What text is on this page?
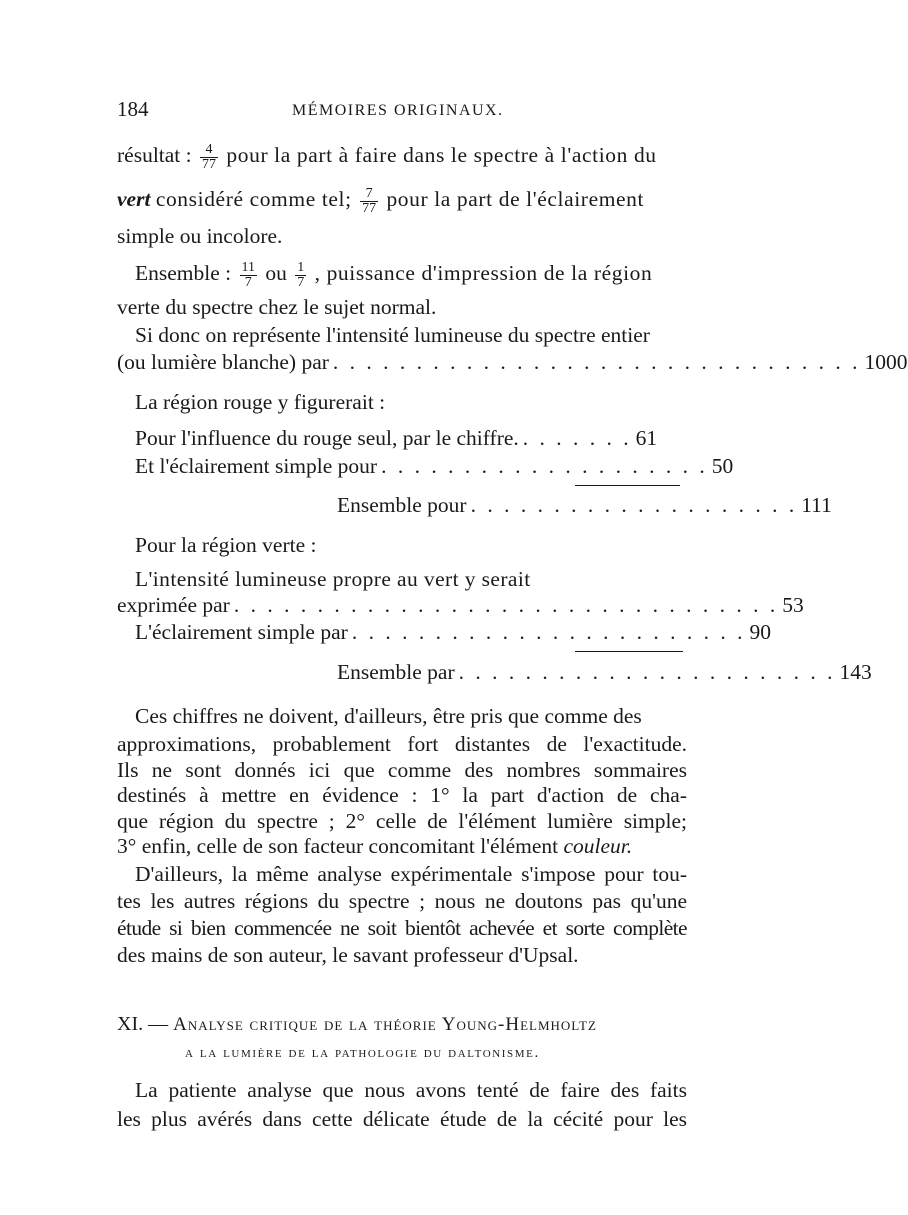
184	MÉMOIRES ORIGINAUX.
résultat : $\frac{4}{77}$ pour la part à faire dans le spectre à l'action du
vert considéré comme tel; $\frac{7}{77}$ pour la part de l'éclairement
simple ou incolore.
Ensemble : $\frac{11}{7}$ ou $\frac{1}{7}$ , puissance d'impression de la région
verte du spectre chez le sujet normal.
Si donc on représente l'intensité lumineuse du spectre entier
(ou lumière blanche) par . . . . . . . . . . . . . . . . . . . . . . . . . . . . . . . . 1000
La région rouge y figurerait :
Pour l'influence du rouge seul, par le chiffre. . . . . . . . 61
Et l'éclairement simple pour . . . . . . . . . . . . . . . . . . . . 50
Ensemble pour . . . . . . . . . . . . . . . . . . . . 111
Pour la région verte :
L'intensité lumineuse propre au vert y serait
exprimée par . . . . . . . . . . . . . . . . . . . . . . . . . . . . . . . . . 53
L'éclairement simple par . . . . . . . . . . . . . . . . . . . . . . . . 90
Ensemble par . . . . . . . . . . . . . . . . . . . . . . . 143
Ces chiffres ne doivent, d'ailleurs, être pris que comme des
approximations, probablement fort distantes de l'exactitude.
Ils ne sont donnés ici que comme des nombres sommaires
destinés à mettre en évidence : 1° la part d'action de cha-
que région du spectre ; 2° celle de l'élément lumière simple;
3° enfin, celle de son facteur concomitant l'élément couleur.
D'ailleurs, la même analyse expérimentale s'impose pour tou-
tes les autres régions du spectre ; nous ne doutons pas qu'une
étude si bien commencée ne soit bientôt achevée et sorte complète
des mains de son auteur, le savant professeur d'Upsal.
XI. — Analyse critique de la théorie Young-Helmholtz
a la lumière de la pathologie du daltonisme.
La patiente analyse que nous avons tenté de faire des faits
les plus avérés dans cette délicate étude de la cécité pour les
